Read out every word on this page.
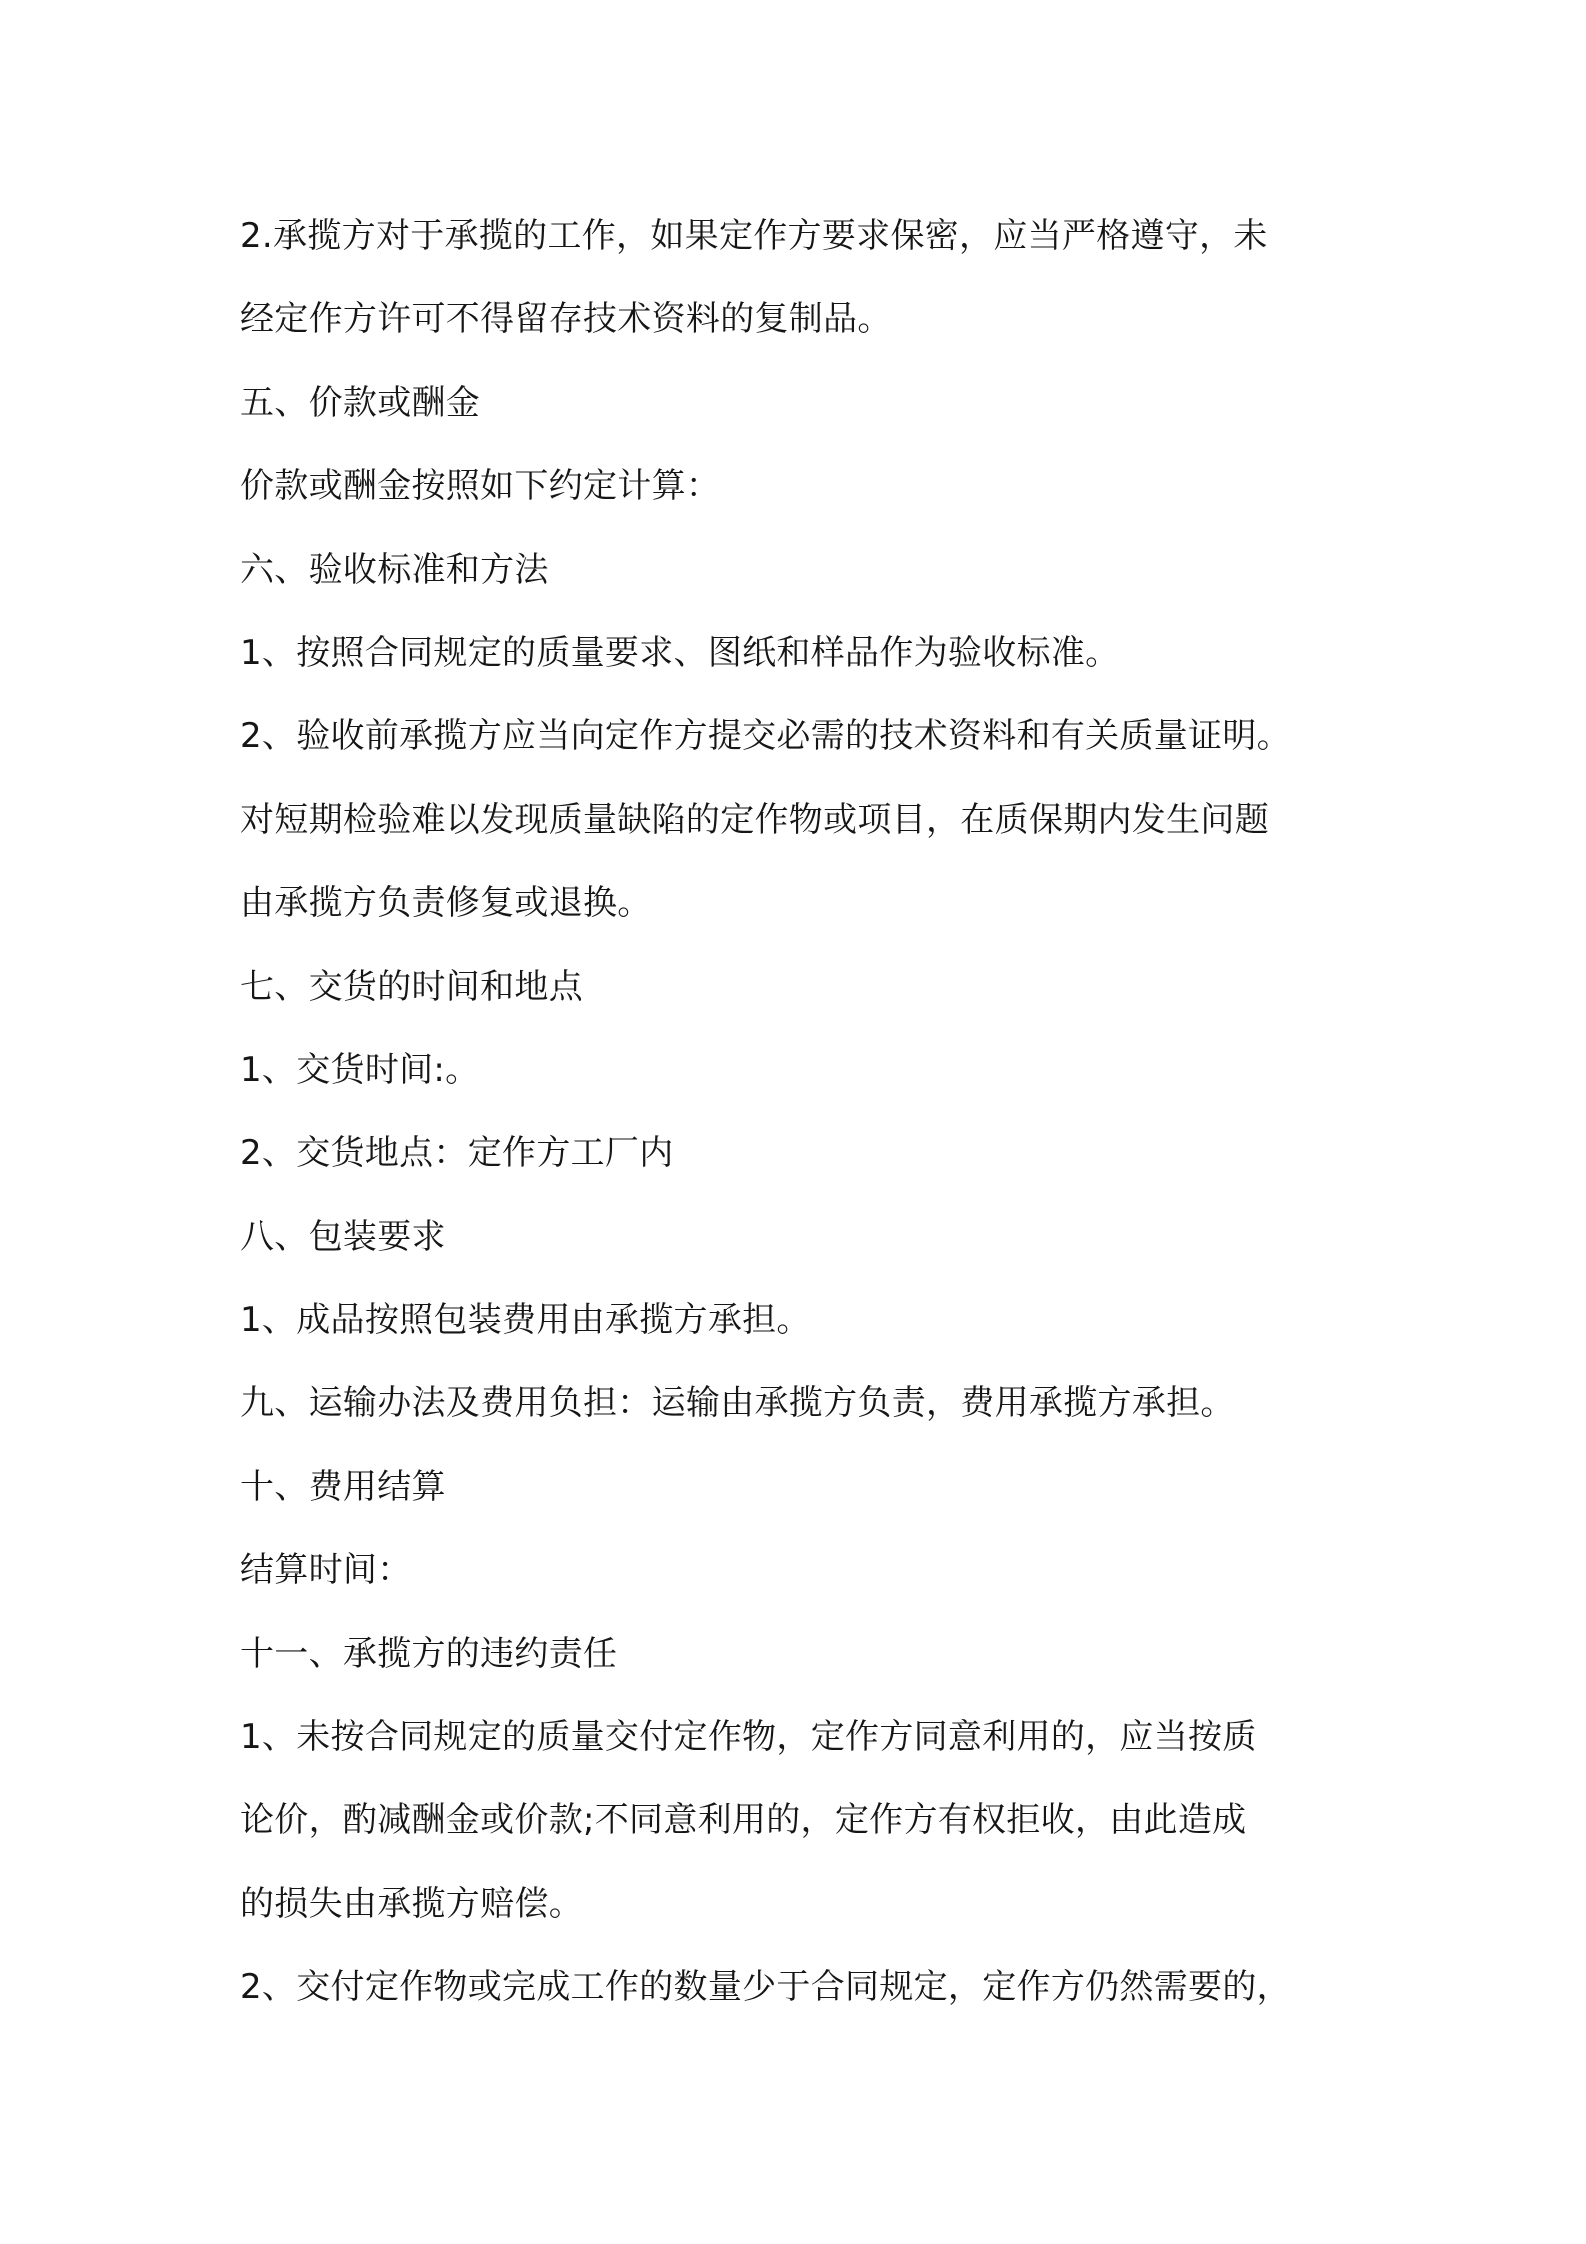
2.承揽方对于承揽的工作，如果定作方要求保密，应当严格遵守，未
经定作方许可不得留存技术资料的复制品。
五、价款或酬金
价款或酬金按照如下约定计算：
六、验收标准和方法
1、按照合同规定的质量要求、图纸和样品作为验收标准。
2、验收前承揽方应当向定作方提交必需的技术资料和有关质量证明。
对短期检验难以发现质量缺陷的定作物或项目，在质保期内发生问题
由承揽方负责修复或退换。
七、交货的时间和地点
1、交货时间:。
2、交货地点：定作方工厂内
八、包装要求
1、成品按照包装费用由承揽方承担。
九、运输办法及费用负担：运输由承揽方负责，费用承揽方承担。
十、费用结算
结算时间：
十一、承揽方的违约责任
1、未按合同规定的质量交付定作物，定作方同意利用的，应当按质
论价，酌减酬金或价款;不同意利用的，定作方有权拒收，由此造成
的损失由承揽方赔偿。
2、交付定作物或完成工作的数量少于合同规定，定作方仍然需要的，
